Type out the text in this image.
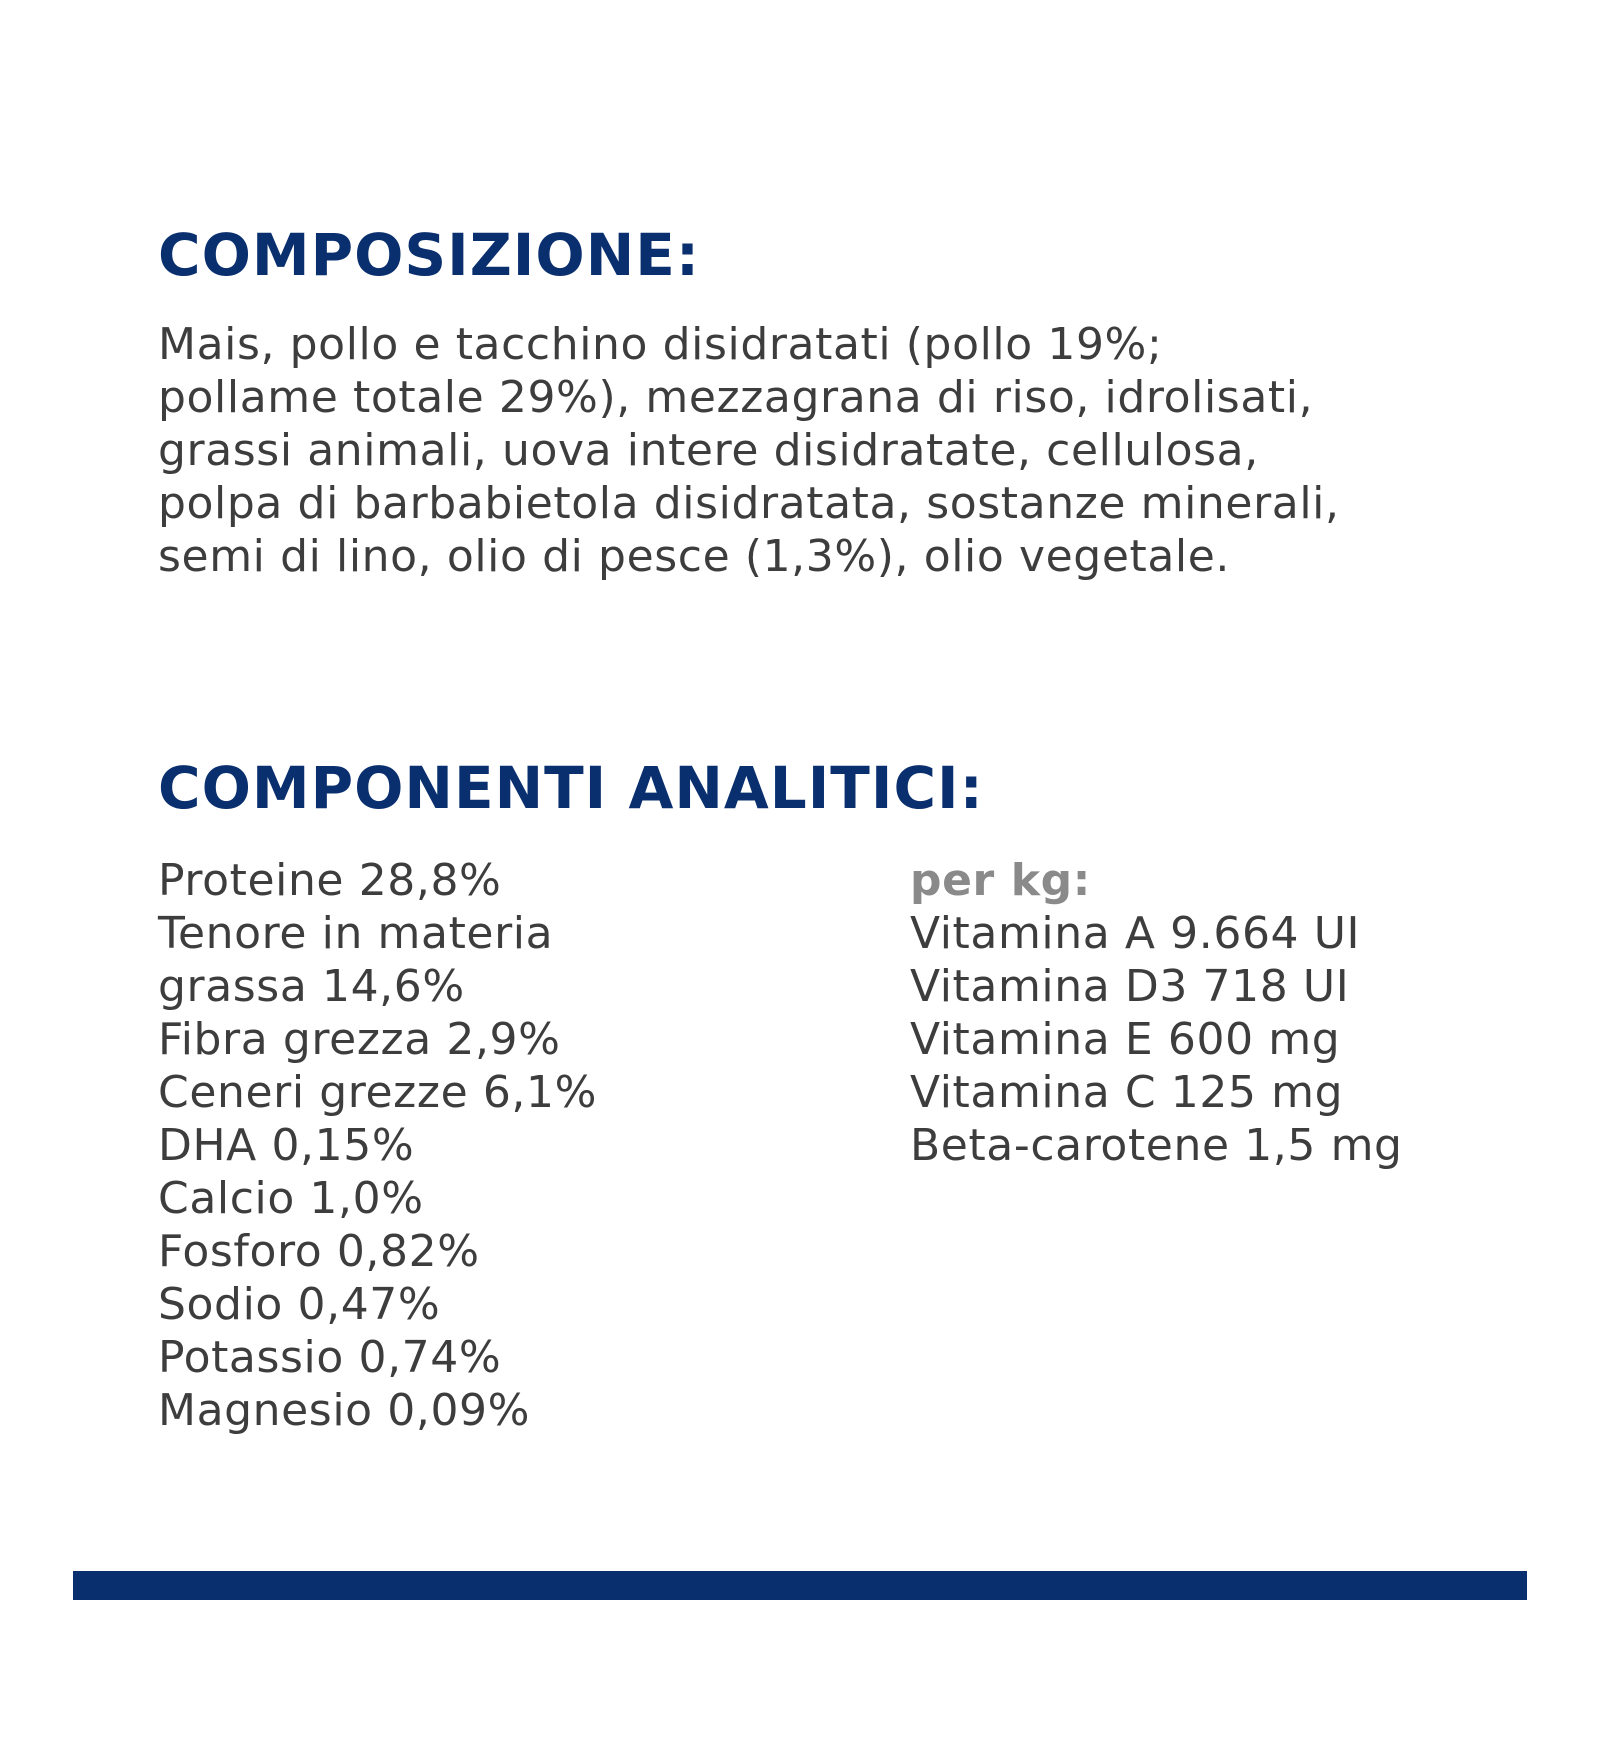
COMPOSIZIONE:
Mais, pollo e tacchino disidratati (pollo 19%;
pollame totale 29%), mezzagrana di riso, idrolisati,
grassi animali, uova intere disidratate, cellulosa,
polpa di barbabietola disidratata, sostanze minerali,
semi di lino, olio di pesce (1,3%), olio vegetale.
COMPONENTI ANALITICI:
Proteine 28,8%
Tenore in materia
grassa 14,6%
Fibra grezza 2,9%
Ceneri grezze 6,1%
DHA 0,15%
Calcio 1,0%
Fosforo 0,82%
Sodio 0,47%
Potassio 0,74%
Magnesio 0,09%
per kg:
Vitamina A 9.664 UI
Vitamina D3 718 UI
Vitamina E 600 mg
Vitamina C 125 mg
Beta-carotene 1,5 mg
